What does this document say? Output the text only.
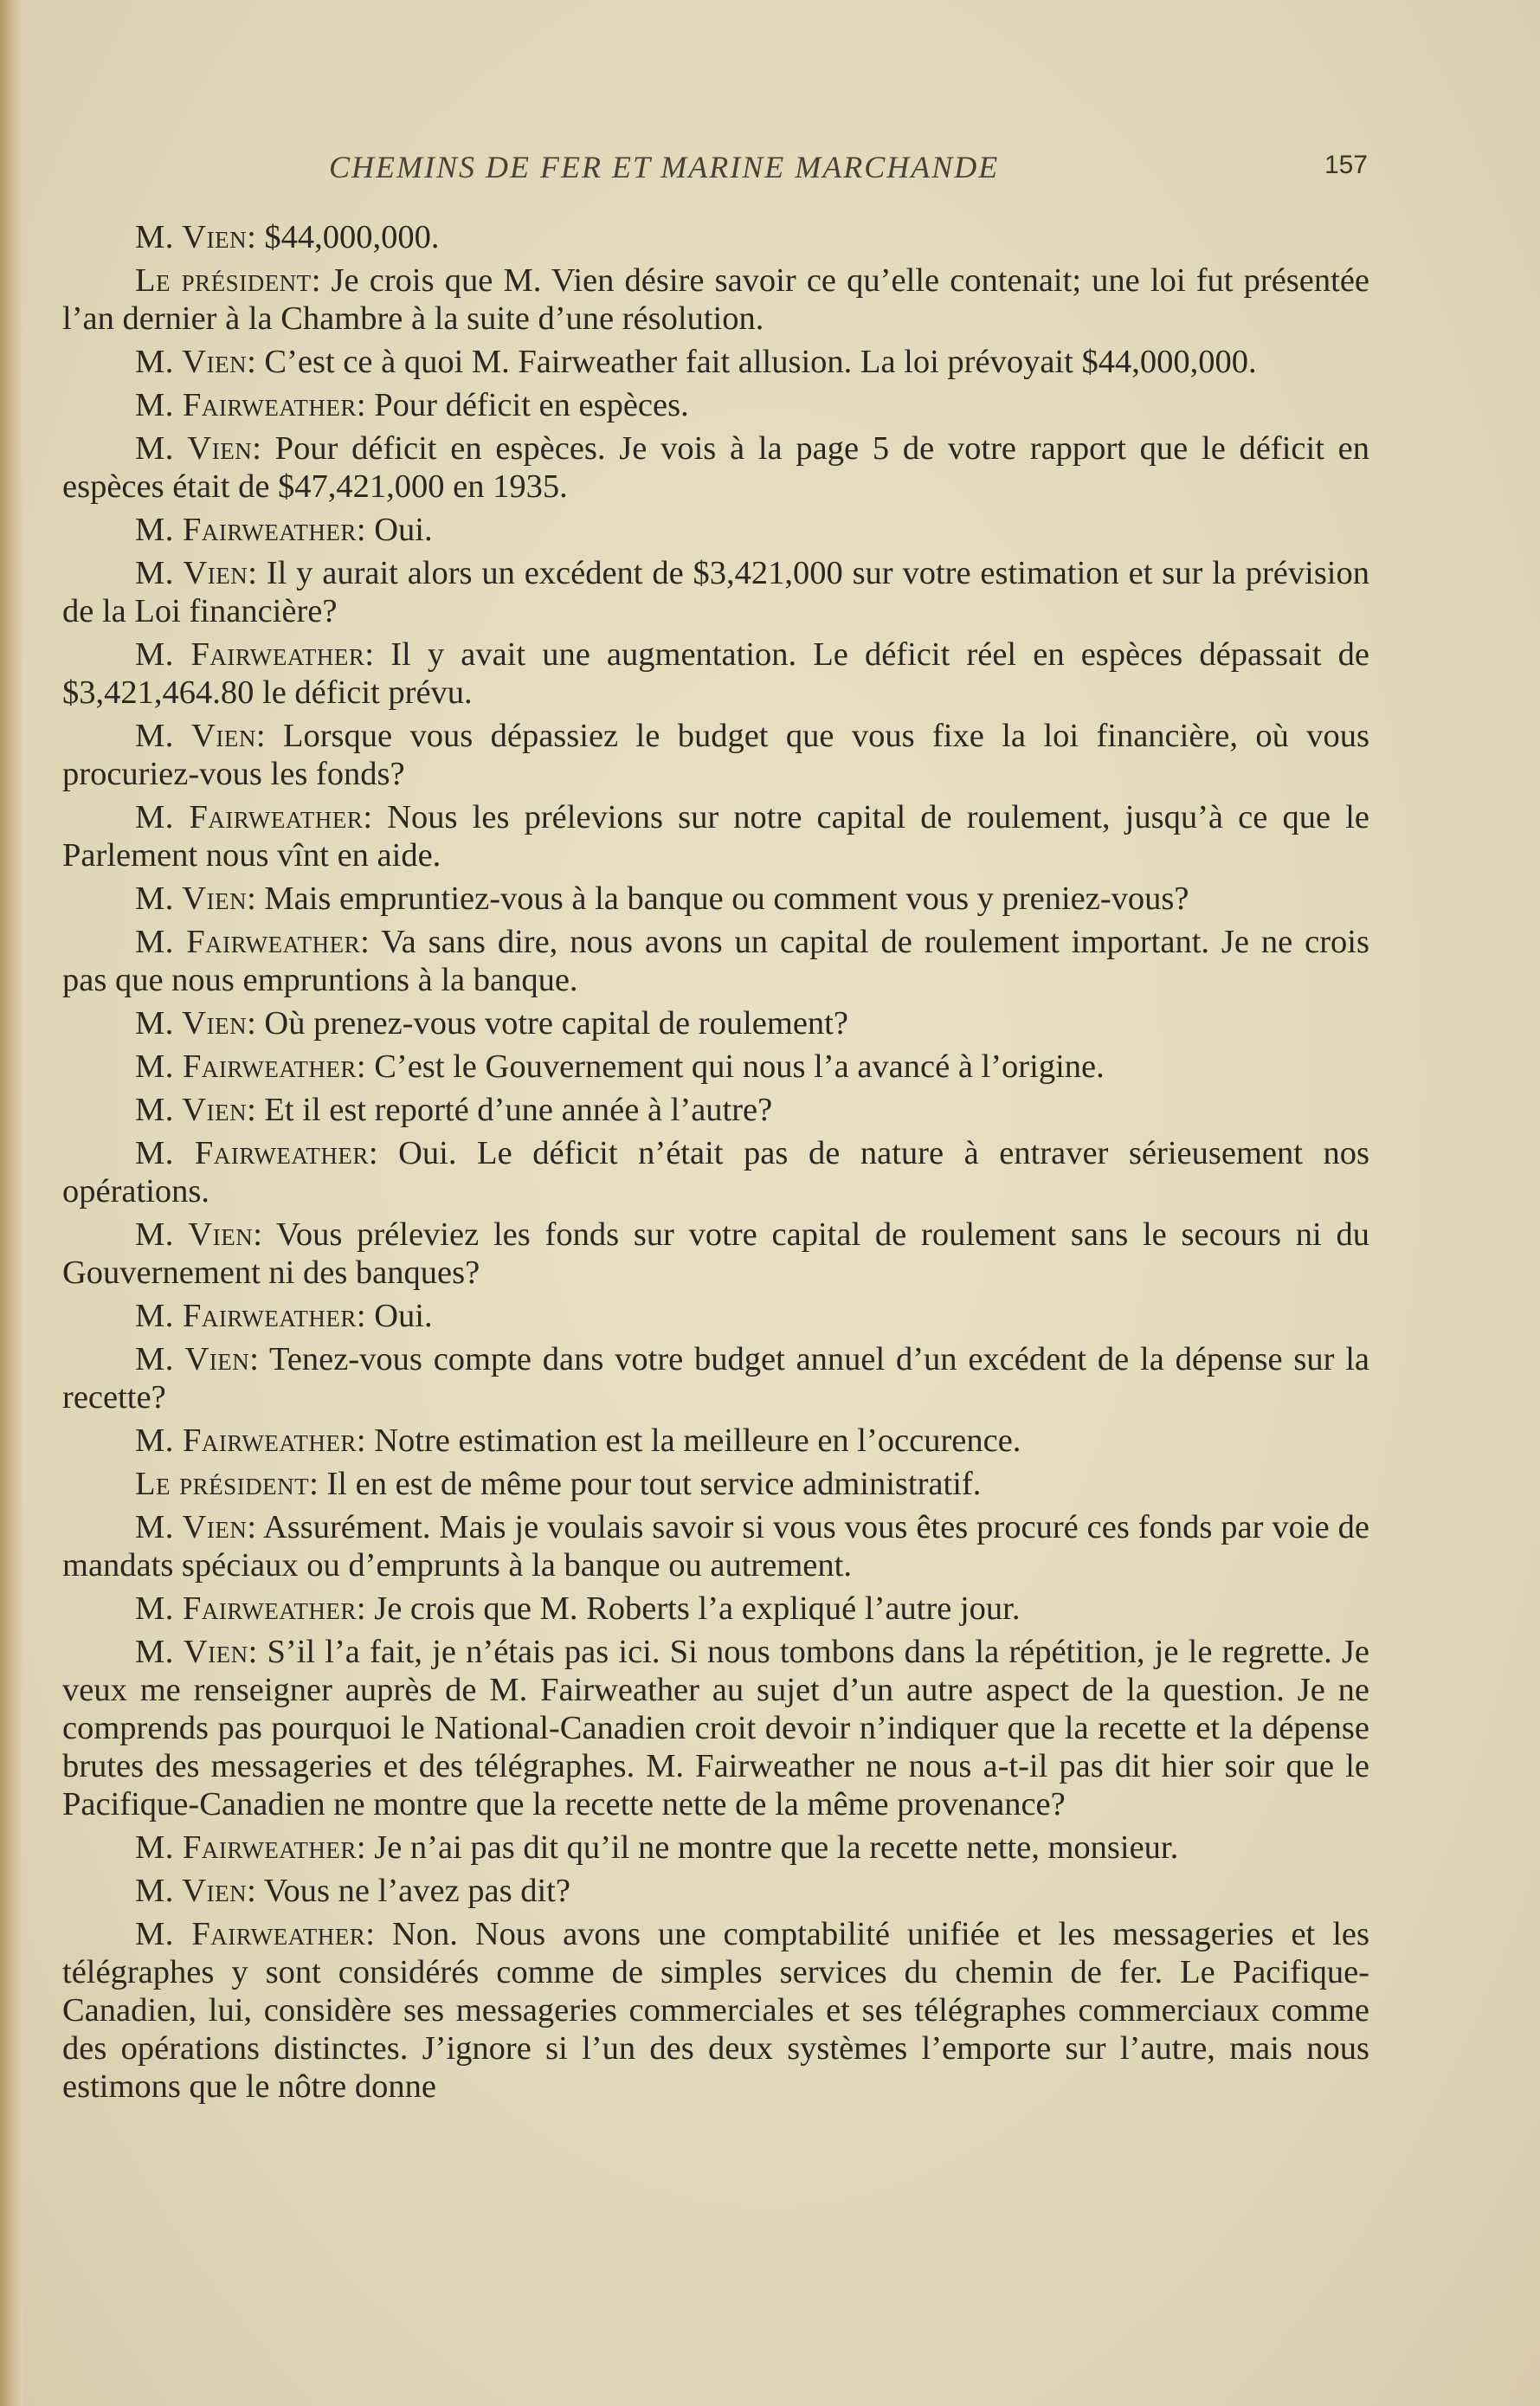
CHEMINS DE FER ET MARINE MARCHANDE	157

M. Vien: $44,000,000.

Le président: Je crois que M. Vien désire savoir ce qu’elle contenait; une loi fut présentée l’an dernier à la Chambre à la suite d’une résolution.

M. Vien: C’est ce à quoi M. Fairweather fait allusion. La loi prévoyait $44,000,000.

M. Fairweather: Pour déficit en espèces.

M. Vien: Pour déficit en espèces. Je vois à la page 5 de votre rapport que le déficit en espèces était de $47,421,000 en 1935.

M. Fairweather: Oui.

M. Vien: Il y aurait alors un excédent de $3,421,000 sur votre estimation et sur la prévision de la Loi financière?

M. Fairweather: Il y avait une augmentation. Le déficit réel en espèces dépassait de $3,421,464.80 le déficit prévu.

M. Vien: Lorsque vous dépassiez le budget que vous fixe la loi financière, où vous procuriez-vous les fonds?

M. Fairweather: Nous les prélevions sur notre capital de roulement, jusqu’à ce que le Parlement nous vînt en aide.

M. Vien: Mais empruntiez-vous à la banque ou comment vous y preniez-vous?

M. Fairweather: Va sans dire, nous avons un capital de roulement important. Je ne crois pas que nous empruntions à la banque.

M. Vien: Où prenez-vous votre capital de roulement?

M. Fairweather: C’est le Gouvernement qui nous l’a avancé à l’origine.

M. Vien: Et il est reporté d’une année à l’autre?

M. Fairweather: Oui. Le déficit n’était pas de nature à entraver sérieusement nos opérations.

M. Vien: Vous préleviez les fonds sur votre capital de roulement sans le secours ni du Gouvernement ni des banques?

M. Fairweather: Oui.

M. Vien: Tenez-vous compte dans votre budget annuel d’un excédent de la dépense sur la recette?

M. Fairweather: Notre estimation est la meilleure en l’occurence.

Le président: Il en est de même pour tout service administratif.

M. Vien: Assurément. Mais je voulais savoir si vous vous êtes procuré ces fonds par voie de mandats spéciaux ou d’emprunts à la banque ou autrement.

M. Fairweather: Je crois que M. Roberts l’a expliqué l’autre jour.

M. Vien: S’il l’a fait, je n’étais pas ici. Si nous tombons dans la répétition, je le regrette. Je veux me renseigner auprès de M. Fairweather au sujet d’un autre aspect de la question. Je ne comprends pas pourquoi le National-Canadien croit devoir n’indiquer que la recette et la dépense brutes des messageries et des télégraphes. M. Fairweather ne nous a-t-il pas dit hier soir que le Pacifique-Canadien ne montre que la recette nette de la même provenance?

M. Fairweather: Je n’ai pas dit qu’il ne montre que la recette nette, monsieur.

M. Vien: Vous ne l’avez pas dit?

M. Fairweather: Non. Nous avons une comptabilité unifiée et les messageries et les télégraphes y sont considérés comme de simples services du chemin de fer. Le Pacifique-Canadien, lui, considère ses messageries commerciales et ses télégraphes commerciaux comme des opérations distinctes. J’ignore si l’un des deux systèmes l’emporte sur l’autre, mais nous estimons que le nôtre donne
